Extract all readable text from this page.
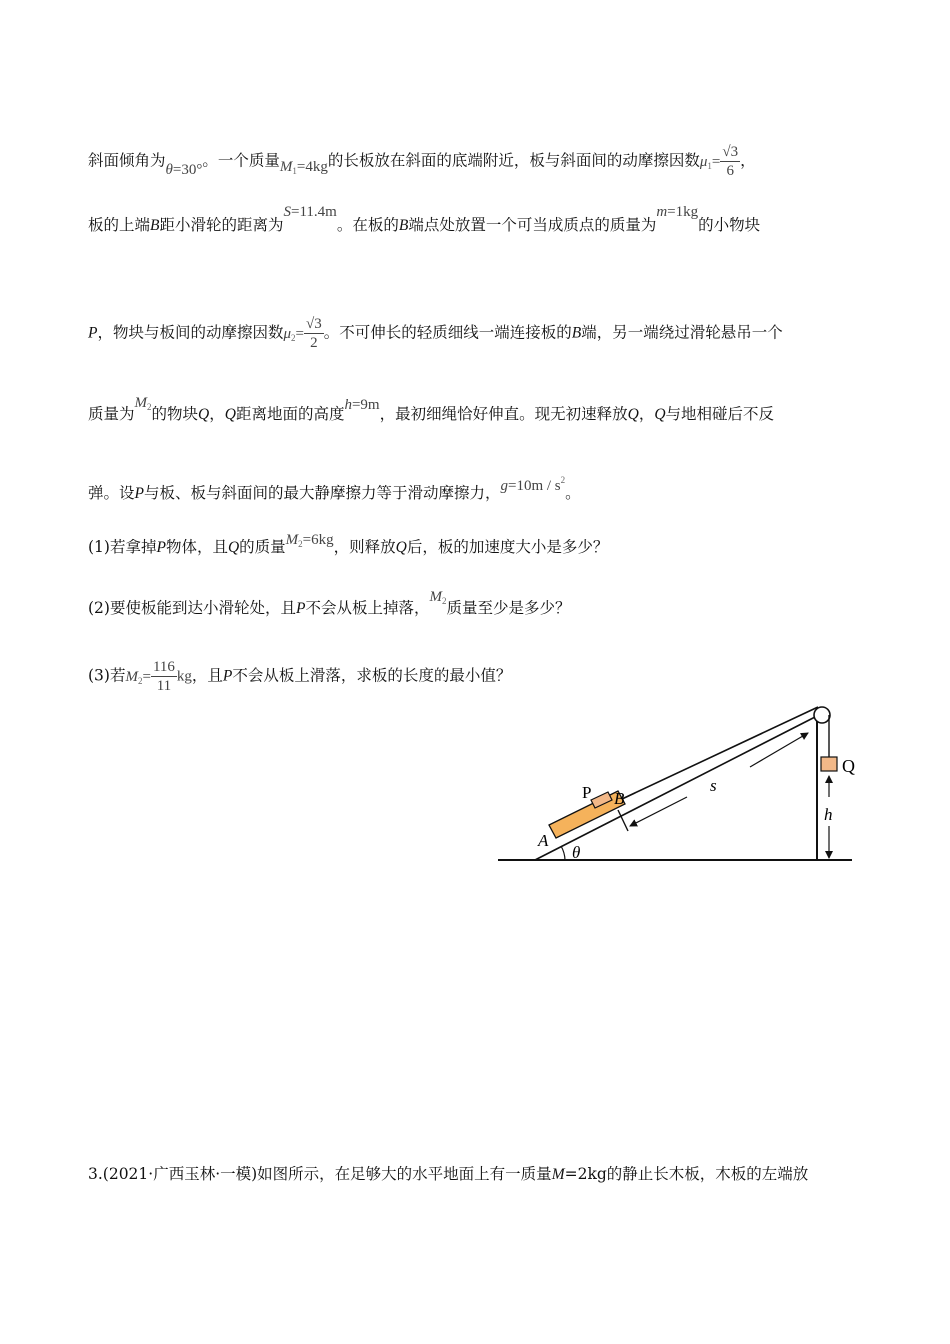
斜面倾角为θ=30°。一个质量$M_1=4kg$的长板放在斜面的底端附近，板与斜面间的动摩擦因数$\mu_1= \frac{√3}{6}$ ，
板的上端B距小滑轮的距离为S=11.4m。在板的B端点处放置一个可当成质点的质量为m=1kg的小物块
P，物块与板间的动摩擦因数$\mu_2= \frac{√3}{2}$ 。不可伸长的轻质细线一端连接板的B端，另一端绕过滑轮悬吊一个
质量为$M_2$的物块Q，Q距离地面的高度h=9m，最初细绳恰好伸直。现无初速释放Q，Q与地相碰后不反
弹。设P与板、板与斜面间的最大静摩擦力等于滑动摩擦力，$g=10m / s^2$。
(1)若拿掉P物体，且Q的质量$M_2=6kg$，则释放Q后，板的加速度大小是多少？
(2)要使板能到达小滑轮处，且P不会从板上掉落，$M_2$质量至少是多少？
(3)若$M_2= \frac{116}{11}$ kg，且P不会从板上滑落，求板的长度的最小值？
P B
A
θ
s
Q
h
3.(2021·广西玉林·一模)如图所示，在足够大的水平地面上有一质量M=2kg的静止长木板，木板的左端放
